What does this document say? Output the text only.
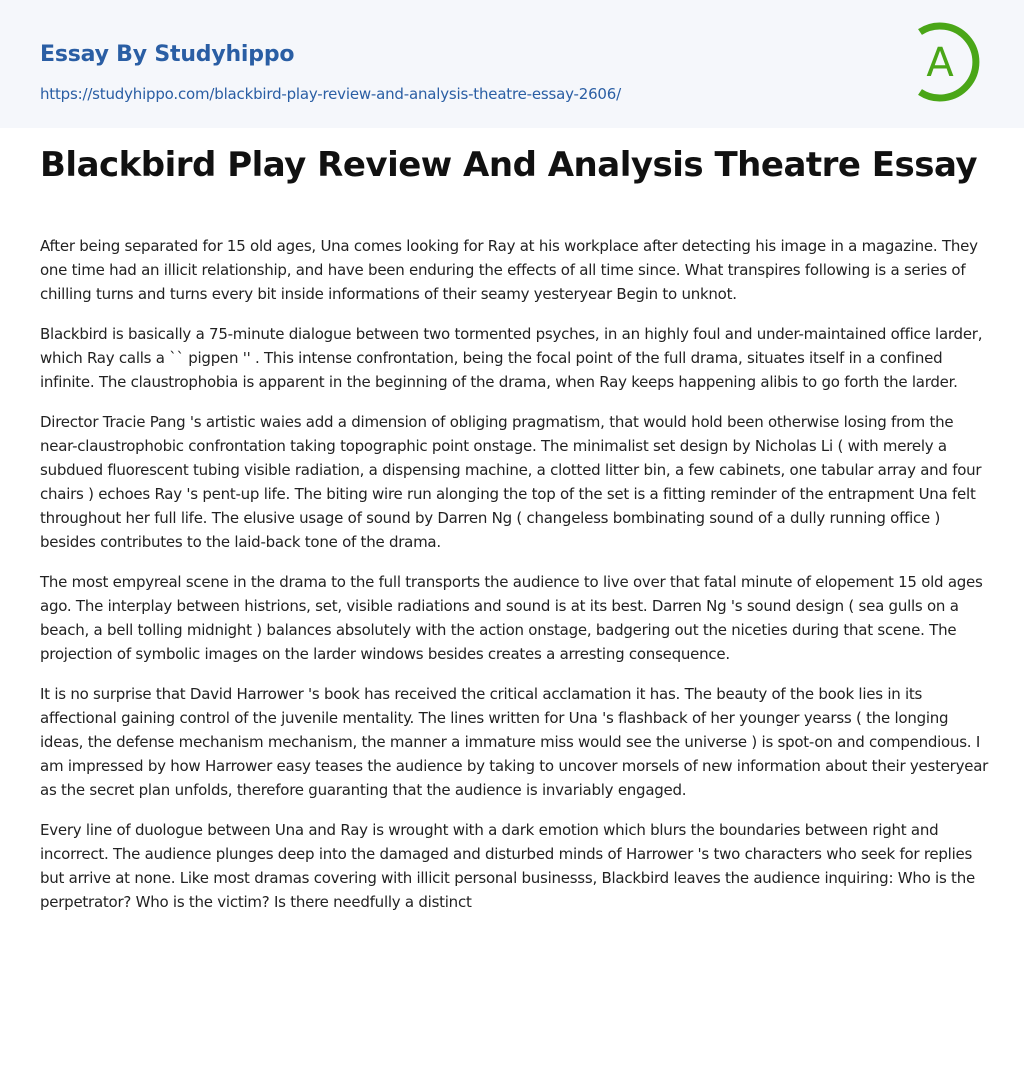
Essay By Studyhippo
https://studyhippo.com/blackbird-play-review-and-analysis-theatre-essay-2606/
A
Blackbird Play Review And Analysis Theatre Essay

After being separated for 15 old ages, Una comes looking for Ray at his workplace after detecting his image in a magazine. They one time had an illicit relationship, and have been enduring the effects of all time since. What transpires following is a series of chilling turns and turns every bit inside informations of their seamy yesteryear Begin to unknot.

Blackbird is basically a 75-minute dialogue between two tormented psyches, in an highly foul and under-maintained office larder, which Ray calls a `` pigpen '' . This intense confrontation, being the focal point of the full drama, situates itself in a confined infinite. The claustrophobia is apparent in the beginning of the drama, when Ray keeps happening alibis to go forth the larder.

Director Tracie Pang 's artistic waies add a dimension of obliging pragmatism, that would hold been otherwise losing from the near-claustrophobic confrontation taking topographic point onstage. The minimalist set design by Nicholas Li ( with merely a subdued fluorescent tubing visible radiation, a dispensing machine, a clotted litter bin, a few cabinets, one tabular array and four chairs ) echoes Ray 's pent-up life. The biting wire run alonging the top of the set is a fitting reminder of the entrapment Una felt throughout her full life. The elusive usage of sound by Darren Ng ( changeless bombinating sound of a dully running office ) besides contributes to the laid-back tone of the drama.

The most empyreal scene in the drama to the full transports the audience to live over that fatal minute of elopement 15 old ages ago. The interplay between histrions, set, visible radiations and sound is at its best. Darren Ng 's sound design ( sea gulls on a beach, a bell tolling midnight ) balances absolutely with the action onstage, badgering out the niceties during that scene. The projection of symbolic images on the larder windows besides creates a arresting consequence.

It is no surprise that David Harrower 's book has received the critical acclamation it has. The beauty of the book lies in its affectional gaining control of the juvenile mentality. The lines written for Una 's flashback of her younger yearss ( the longing ideas, the defense mechanism mechanism, the manner a immature miss would see the universe ) is spot-on and compendious. I am impressed by how Harrower easy teases the audience by taking to uncover morsels of new information about their yesteryear as the secret plan unfolds, therefore guaranting that the audience is invariably engaged.

Every line of duologue between Una and Ray is wrought with a dark emotion which blurs the boundaries between right and incorrect. The audience plunges deep into the damaged and disturbed minds of Harrower 's two characters who seek for replies but arrive at none. Like most dramas covering with illicit personal businesss, Blackbird leaves the audience inquiring: Who is the perpetrator? Who is the victim? Is there needfully a distinct
